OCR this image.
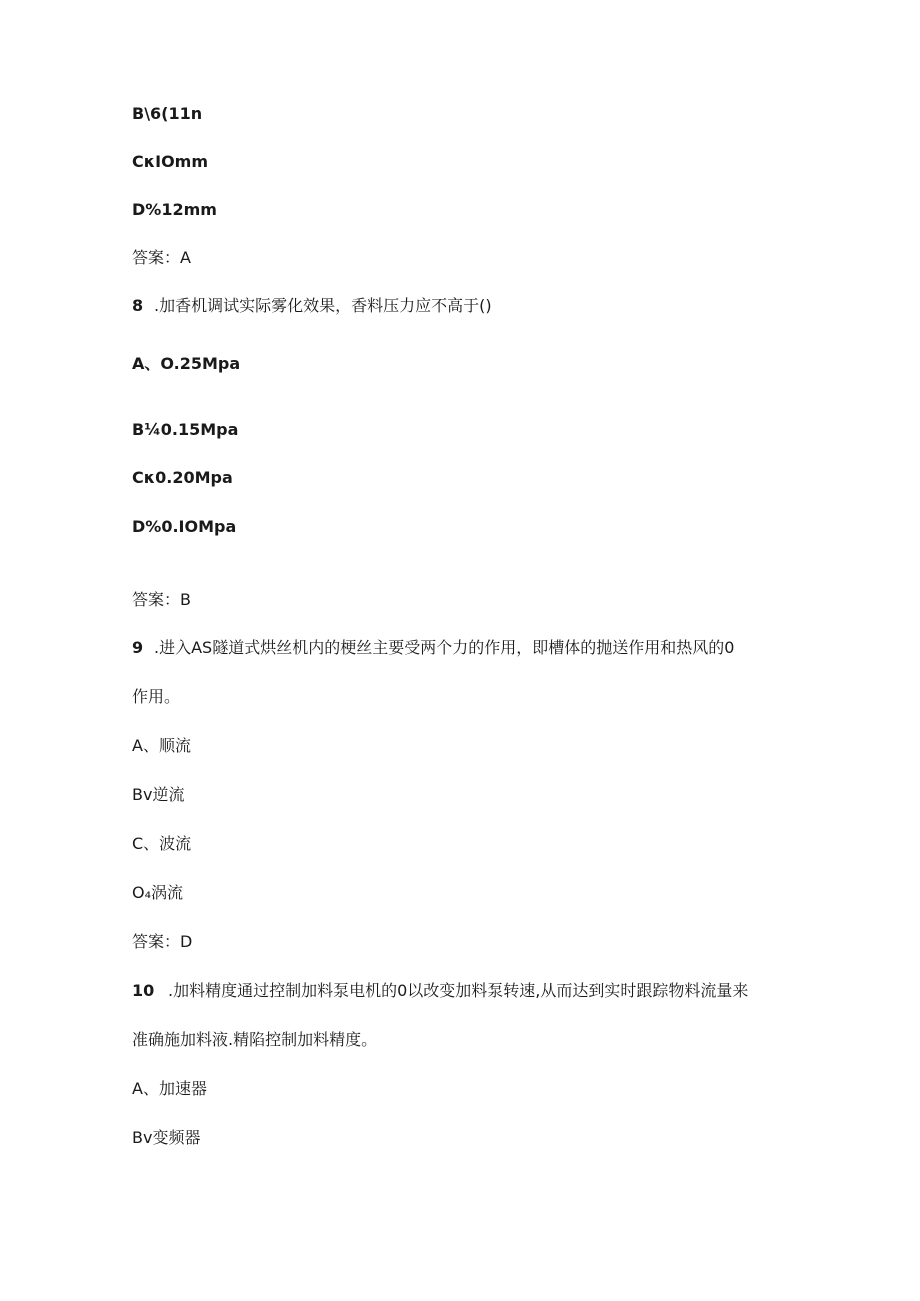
B\6(11n
CκIOmm
D%12mm
答案：A
8 .加香机调试实际雾化效果，香料压力应不高于()
A、O.25Mpa
B¼0.15Mpa
Cκ0.20Mpa
D%0.IOMpa
答案：B
9 .进入AS隧道式烘丝机内的梗丝主要受两个力的作用，即槽体的抛送作用和热风的0
作用。
A、顺流
Bv逆流
C、波流
O₄涡流
答案：D
10 .加料精度通过控制加料泵电机的0以改变加料泵转速,从而达到实时跟踪物料流量来
准确施加料液.精陷控制加料精度。
A、加速器
Bv变频器
